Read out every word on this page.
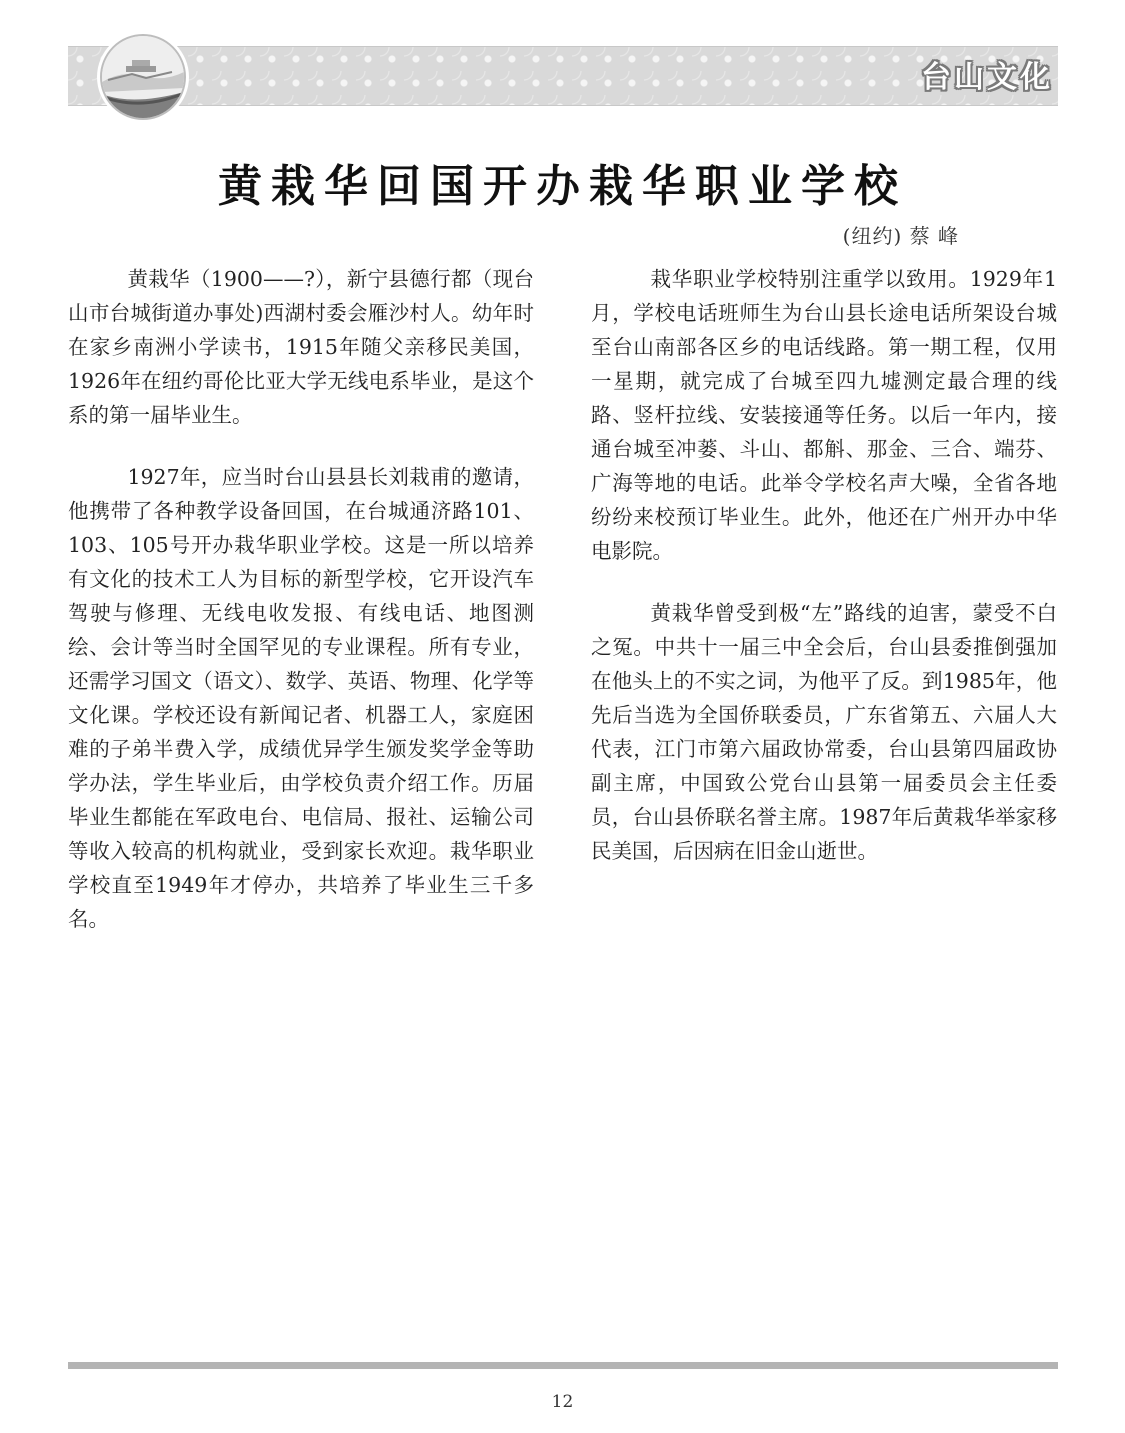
台山文化
黄栽华回国开办栽华职业学校
(纽约) 蔡 峰

黄栽华（1900——?），新宁县德行都（现台山市台城街道办事处)西湖村委会雁沙村人。幼年时在家乡南洲小学读书，1915年随父亲移民美国，1926年在纽约哥伦比亚大学无线电系毕业，是这个系的第一届毕业生。

1927年，应当时台山县县长刘栽甫的邀请，他携带了各种教学设备回国，在台城通济路101、103、105号开办栽华职业学校。这是一所以培养有文化的技术工人为目标的新型学校，它开设汽车驾驶与修理、无线电收发报、有线电话、地图测绘、会计等当时全国罕见的专业课程。所有专业，还需学习国文（语文）、数学、英语、物理、化学等文化课。学校还设有新闻记者、机器工人，家庭困难的子弟半费入学，成绩优异学生颁发奖学金等助学办法，学生毕业后，由学校负责介绍工作。历届毕业生都能在军政电台、电信局、报社、运输公司等收入较高的机构就业，受到家长欢迎。栽华职业学校直至1949年才停办，共培养了毕业生三千多名。

栽华职业学校特别注重学以致用。1929年1月，学校电话班师生为台山县长途电话所架设台城至台山南部各区乡的电话线路。第一期工程，仅用一星期，就完成了台城至四九墟测定最合理的线路、竖杆拉线、安装接通等任务。以后一年内，接通台城至冲蒌、斗山、都斛、那金、三合、端芬、广海等地的电话。此举令学校名声大噪，全省各地纷纷来校预订毕业生。此外，他还在广州开办中华电影院。

黄栽华曾受到极“左”路线的迫害，蒙受不白之冤。中共十一届三中全会后，台山县委推倒强加在他头上的不实之词，为他平了反。到1985年，他先后当选为全国侨联委员，广东省第五、六届人大代表，江门市第六届政协常委，台山县第四届政协副主席，中国致公党台山县第一届委员会主任委员，台山县侨联名誉主席。1987年后黄栽华举家移民美国，后因病在旧金山逝世。

12
